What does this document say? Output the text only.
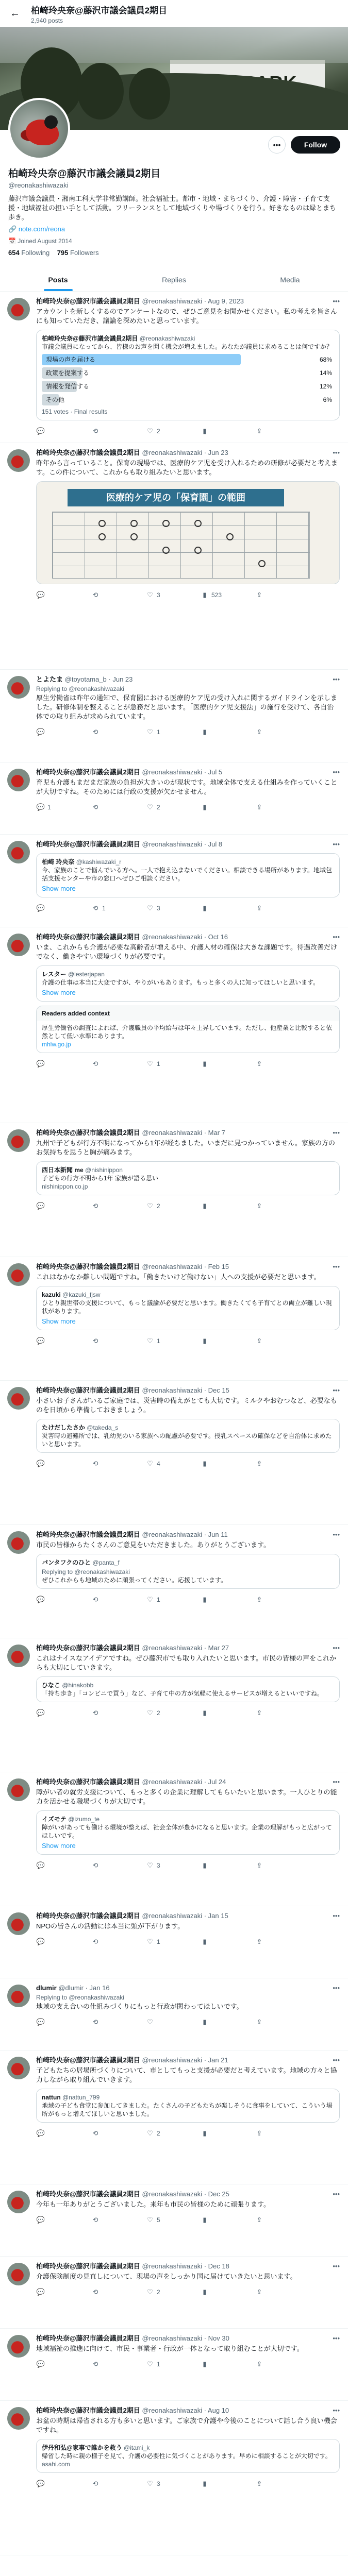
← 柏崎玲央奈@藤沢市議会議員2期目
2,940 posts
•••	Follow
柏崎玲央奈@藤沢市議会議員2期目
@reonakashiwazaki
藤沢市議会議員・湘南工科大学非常勤講師。社会福祉士。都市・地域・まちづくり、介護・障害・子育て支援・地域福祉の担い手として活動。フリーランスとして地域づくりや場づくりを行う。好きなものは緑とまち歩き。
🔗 note.com/reona
📅 Joined August 2014
654 Following 795 Followers
Posts	Replies	Media
柏崎玲央奈@藤沢市議会議員2期目 @reonakashiwazaki · Aug 9, 2023	•••
アカウントを新しくするのでアンケートなので、ぜひご意見をお聞かせください。私の考えを皆さんにも知っていただき、議論を深めたいと思っています。
柏崎玲央奈@藤沢市議会議員2期目 @reonakashiwazaki
市議会議員になってから、皆様のお声を聞く機会が増えました。あなたが議員に求めることは何ですか？
現場の声を届ける	68%
政策を提案する	14%
情報を発信する	12%
その他	6%
151 votes · Final results
💬	⟲	♡ 2	▮	⇪
柏崎玲央奈@藤沢市議会議員2期目 @reonakashiwazaki · Jun 23	•••
昨年から言っていること。保育の現場では、医療的ケア児を受け入れるための研修が必要だと考えます。この件について、これからも取り組みたいと思います。
医療的ケア児の「保育園」の範囲
💬	⟲	♡ 3	▮ 523	⇪
とよたま @toyotama_b · Jun 23	•••
Replying to @reonakashiwazaki
厚生労働省は昨年の通知で、保育園における医療的ケア児の受け入れに関するガイドラインを示しました。研修体制を整えることが急務だと思います。「医療的ケア児支援法」の施行を受けて、各自治体での取り組みが求められています。
💬	⟲	♡ 1	▮	⇪
柏崎玲央奈@藤沢市議会議員2期目 @reonakashiwazaki · Jul 5	•••
育児も介護もまだまだ家族の負担が大きいのが現状です。地域全体で支える仕組みを作っていくことが大切ですね。そのためには行政の支援が欠かせません。
💬 1	⟲	♡ 2	▮	⇪
柏崎玲央奈@藤沢市議会議員2期目 @reonakashiwazaki · Jul 8	•••
柏崎 玲央奈 @kashiwazaki_r
今、家族のことで悩んでいる方へ。一人で抱え込まないでください。相談できる場所があります。地域包括支援センターや市の窓口へぜひご相談ください。
Show more
💬	⟲ 1	♡ 3	▮	⇪
柏崎玲央奈@藤沢市議会議員2期目 @reonakashiwazaki · Oct 16	•••
いま、これからも介護が必要な高齢者が増える中、介護人材の確保は大きな課題です。待遇改善だけでなく、働きやすい環境づくりが必要です。
レスター @lesterjapan
介護の仕事は本当に大変ですが、やりがいもあります。もっと多くの人に知ってほしいと思います。
Show more
Readers added context
厚生労働省の調査によれば、介護職員の平均給与は年々上昇しています。ただし、他産業と比較すると依然として低い水準にあります。
mhlw.go.jp
💬	⟲	♡ 1	▮	⇪
柏崎玲央奈@藤沢市議会議員2期目 @reonakashiwazaki · Mar 7	•••
九州で子どもが行方不明になってから1年が経ちました。いまだに見つかっていません。家族の方のお気持ちを思うと胸が痛みます。
西日本新聞 me @nishinippon
子どもの行方不明から1年 家族が語る思い
nishinippon.co.jp
💬	⟲	♡ 2	▮	⇪
柏崎玲央奈@藤沢市議会議員2期目 @reonakashiwazaki · Feb 15	•••
これはなかなか難しい問題ですね。「働きたいけど働けない」人への支援が必要だと思います。
kazuki @kazuki_fjsw
ひとり親世帯の支援について、もっと議論が必要だと思います。働きたくても子育てとの両立が難しい現状があります。
Show more
💬	⟲	♡ 1	▮	⇪
柏崎玲央奈@藤沢市議会議員2期目 @reonakashiwazaki · Dec 15	•••
小さいお子さんがいるご家庭では、災害時の備えがとても大切です。ミルクやおむつなど、必要なものを日頃から準備しておきましょう。
たけだしたさか @takeda_s
災害時の避難所では、乳幼児のいる家族への配慮が必要です。授乳スペースの確保などを自治体に求めたいと思います。
💬	⟲	♡ 4	▮	⇪
柏崎玲央奈@藤沢市議会議員2期目 @reonakashiwazaki · Jun 11	•••
市民の皆様からたくさんのご意見をいただきました。ありがとうございます。
パンタフクのひと @panta_f
Replying to @reonakashiwazaki
ぜひこれからも地域のために頑張ってください。応援しています。
💬	⟲	♡ 1	▮	⇪
柏崎玲央奈@藤沢市議会議員2期目 @reonakashiwazaki · Mar 27	•••
これはナイスなアイデアですね。ぜひ藤沢市でも取り入れたいと思います。市民の皆様の声をこれからも大切にしていきます。
ひなこ @hinakobb
「持ち歩き」「コンビニで買う」など、子育て中の方が気軽に使えるサービスが増えるといいですね。
💬	⟲	♡ 2	▮	⇪
柏崎玲央奈@藤沢市議会議員2期目 @reonakashiwazaki · Jul 24	•••
障がい者の就労支援について、もっと多くの企業に理解してもらいたいと思います。一人ひとりの能力を活かせる職場づくりが大切です。
イズモテ @izumo_te
障がいがあっても働ける環境が整えば、社会全体が豊かになると思います。企業の理解がもっと広がってほしいです。
Show more
💬	⟲	♡ 3	▮	⇪
柏崎玲央奈@藤沢市議会議員2期目 @reonakashiwazaki · Jan 15	•••
NPOの皆さんの活動には本当に頭が下がります。
💬	⟲	♡ 1	▮	⇪
dlumir @dlumir · Jan 16	•••
Replying to @reonakashiwazaki
地域の支え合いの仕組みづくりにもっと行政が関わってほしいです。
💬	⟲	♡	▮	⇪
柏崎玲央奈@藤沢市議会議員2期目 @reonakashiwazaki · Jan 21	•••
子どもたちの居場所づくりについて、市としてもっと支援が必要だと考えています。地域の方々と協力しながら取り組んでいきます。
nattun @nattun_799
地域の子ども食堂に参加してきました。たくさんの子どもたちが楽しそうに食事をしていて、こういう場所がもっと増えてほしいと思いました。
💬	⟲	♡ 2	▮	⇪
柏崎玲央奈@藤沢市議会議員2期目 @reonakashiwazaki · Dec 25	•••
今年も一年ありがとうございました。来年も市民の皆様のために頑張ります。
💬	⟲	♡ 5	▮	⇪
柏崎玲央奈@藤沢市議会議員2期目 @reonakashiwazaki · Dec 18	•••
介護保険制度の見直しについて、現場の声をしっかり国に届けていきたいと思います。
💬	⟲	♡ 2	▮	⇪
柏崎玲央奈@藤沢市議会議員2期目 @reonakashiwazaki · Nov 30	•••
地域福祉の推進に向けて、市民・事業者・行政が一体となって取り組むことが大切です。
💬	⟲	♡ 1	▮	⇪
柏崎玲央奈@藤沢市議会議員2期目 @reonakashiwazaki · Aug 10	•••
お盆の時期は帰省される方も多いと思います。ご家族で介護や今後のことについて話し合う良い機会ですね。
伊丹和弘@家事で誰かを救う @itami_k
帰省した時に親の様子を見て、介護の必要性に気づくことがあります。早めに相談することが大切です。
asahi.com
💬	⟲	♡ 3	▮	⇪
